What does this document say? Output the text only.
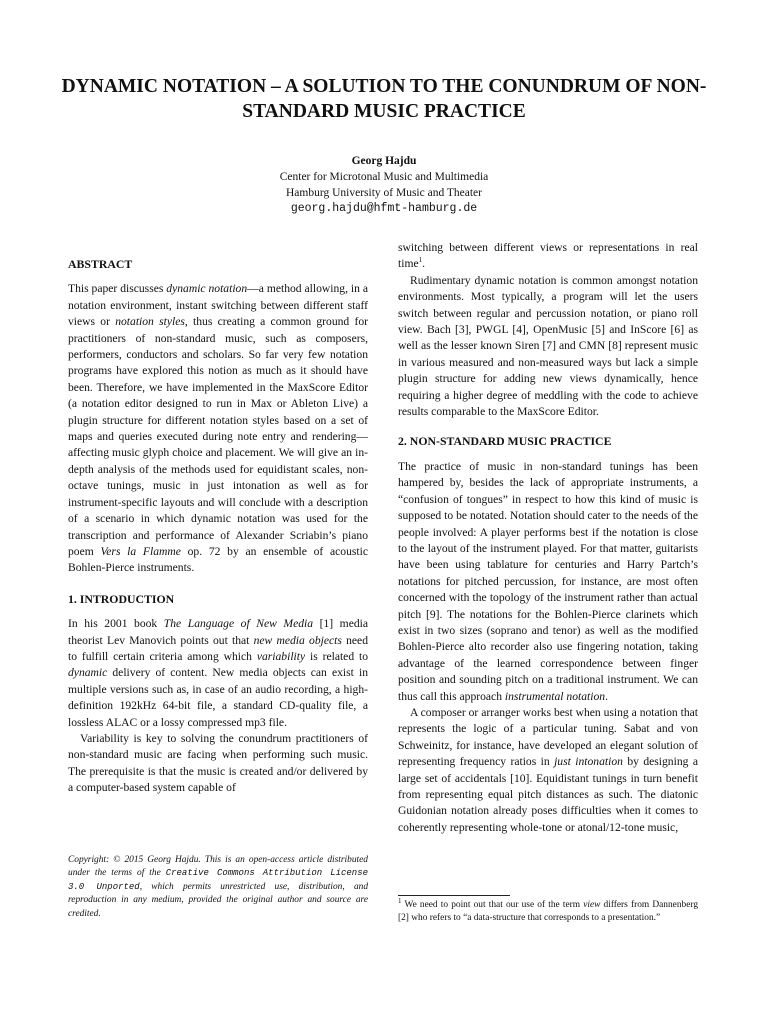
DYNAMIC NOTATION – A SOLUTION TO THE CONUNDRUM OF NON-STANDARD MUSIC PRACTICE
Georg Hajdu
Center for Microtonal Music and Multimedia
Hamburg University of Music and Theater
georg.hajdu@hfmt-hamburg.de

ABSTRACT

This paper discusses dynamic notation—a method allowing, in a notation environment, instant switching between different staff views or notation styles, thus creating a common ground for practitioners of non-standard music, such as composers, performers, conductors and scholars. So far very few notation programs have explored this notion as much as it should have been. Therefore, we have implemented in the MaxScore Editor (a notation editor designed to run in Max or Ableton Live) a plugin structure for different notation styles based on a set of maps and queries executed during note entry and rendering—affecting music glyph choice and placement. We will give an in-depth analysis of the methods used for equidistant scales, non-octave tunings, music in just intonation as well as for instrument-specific layouts and will conclude with a description of a scenario in which dynamic notation was used for the transcription and performance of Alexander Scriabin’s piano poem Vers la Flamme op. 72 by an ensemble of acoustic Bohlen-Pierce instruments.

1. INTRODUCTION

In his 2001 book The Language of New Media [1] media theorist Lev Manovich points out that new media objects need to fulfill certain criteria among which variability is related to dynamic delivery of content. New media objects can exist in multiple versions such as, in case of an audio recording, a high-definition 192kHz 64-bit file, a standard CD-quality file, a lossless ALAC or a lossy compressed mp3 file.

Variability is key to solving the conundrum practitioners of non-standard music are facing when performing such music. The prerequisite is that the music is created and/or delivered by a computer-based system capable of

Copyright: © 2015 Georg Hajdu. This is an open-access article distributed under the terms of the Creative Commons Attribution License 3.0 Unported, which permits unrestricted use, distribution, and reproduction in any medium, provided the original author and source are credited.

switching between different views or representations in real time$^1$.

Rudimentary dynamic notation is common amongst notation environments. Most typically, a program will let the users switch between regular and percussion notation, or piano roll view. Bach [3], PWGL [4], OpenMusic [5] and InScore [6] as well as the lesser known Siren [7] and CMN [8] represent music in various measured and non-measured ways but lack a simple plugin structure for adding new views dynamically, hence requiring a higher degree of meddling with the code to achieve results comparable to the MaxScore Editor.

2. NON-STANDARD MUSIC PRACTICE

The practice of music in non-standard tunings has been hampered by, besides the lack of appropriate instruments, a “confusion of tongues” in respect to how this kind of music is supposed to be notated. Notation should cater to the needs of the people involved: A player performs best if the notation is close to the layout of the instrument played. For that matter, guitarists have been using tablature for centuries and Harry Partch’s notations for pitched percussion, for instance, are most often concerned with the topology of the instrument rather than actual pitch [9]. The notations for the Bohlen-Pierce clarinets which exist in two sizes (soprano and tenor) as well as the modified Bohlen-Pierce alto recorder also use fingering notation, taking advantage of the learned correspondence between finger position and sounding pitch on a traditional instrument. We can thus call this approach instrumental notation.

A composer or arranger works best when using a notation that represents the logic of a particular tuning. Sabat and von Schweinitz, for instance, have developed an elegant solution of representing frequency ratios in just intonation by designing a large set of accidentals [10]. Equidistant tunings in turn benefit from representing equal pitch distances as such. The diatonic Guidonian notation already poses difficulties when it comes to coherently representing whole-tone or atonal/12-tone music,

$^1$ We need to point out that our use of the term view differs from Dannenberg [2] who refers to “a data-structure that corresponds to a presentation.”
